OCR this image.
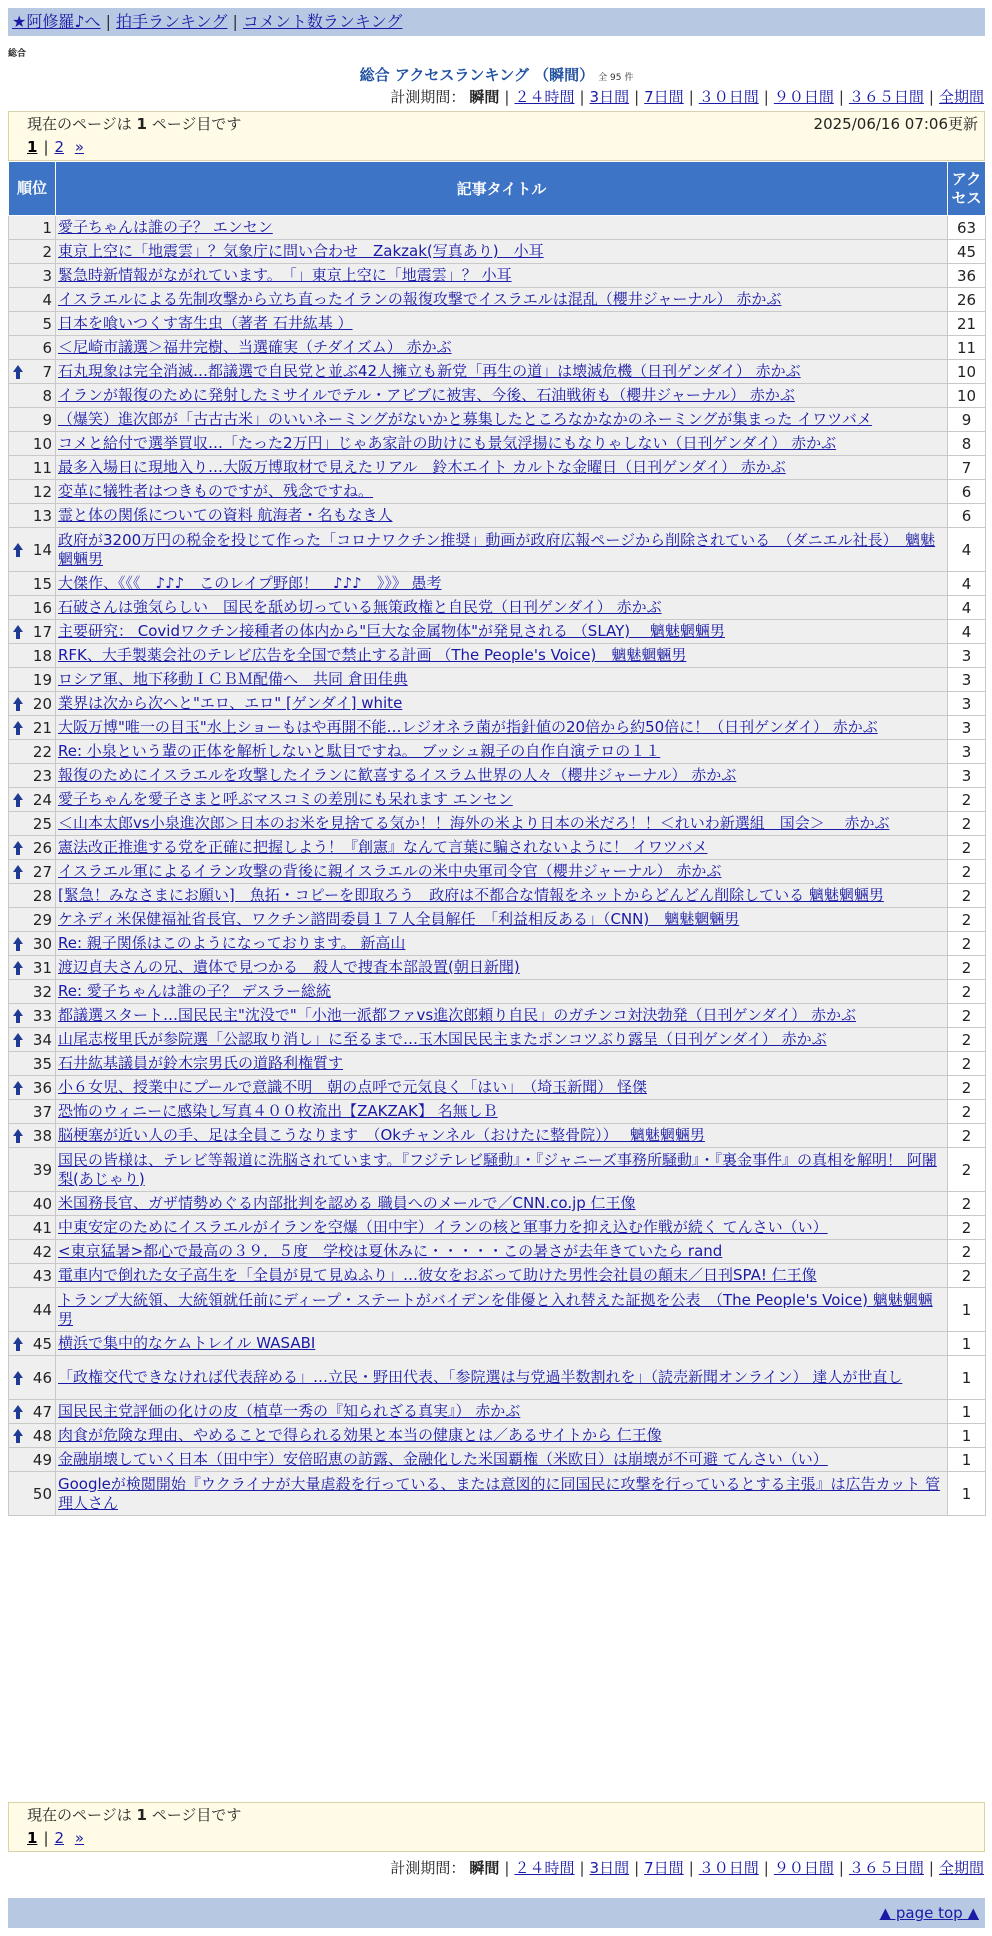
★阿修羅♪へ | 拍手ランキング | コメント数ランキング
総合
総合 アクセスランキング （瞬間） 全 95 件
計測期間： 瞬間 | ２４時間 | 3日間 | 7日間 | ３０日間 | ９０日間 | ３６５日間 | 全期間
現在のページは 1 ページ目です	2025/06/16 07:06更新
1 | 2 »
順位	記事タイトル	アクセス
1	愛子ちゃんは誰の子？ エンセン	63
2	東京上空に「地震雲」？気象庁に問い合わせ　Zakzak(写真あり)　小耳	45
3	緊急時新情報がながれています。　「」東京上空に「地震雲」？ 小耳	36
4	イスラエルによる先制攻撃から立ち直ったイランの報復攻撃でイスラエルは混乱（櫻井ジャーナル） 赤かぶ	26
5	日本を喰いつくす寄生虫（著者 石井紘基 ）	21
6	＜尼崎市議選＞福井完樹、当選確実（チダイズム） 赤かぶ	11

7	石丸現象は完全消滅…都議選で自民党と並ぶ42人擁立も新党「再生の道」は壊滅危機（日刊ゲンダイ） 赤かぶ	10
8	イランが報復のために発射したミサイルでテル・アビブに被害、今後、石油戦術も（櫻井ジャーナル） 赤かぶ	10
9	（爆笑）進次郎が「古古古米」のいいネーミングがないかと募集したところなかなかのネーミングが集まった イワツバメ	9
10	コメと給付で選挙買収…「たった2万円」じゃあ家計の助けにも景気浮揚にもなりゃしない（日刊ゲンダイ） 赤かぶ	8
11	最多入場日に現地入り…大阪万博取材で見えたリアル　鈴木エイト カルトな金曜日（日刊ゲンダイ） 赤かぶ	7
12	変革に犠牲者はつきものですが、残念ですね。	6
13	霊と体の関係についての資料 航海者・名もなき人	6

14	政府が3200万円の税金を投じて作った「コロナワクチン推奨」動画が政府広報ページから削除されている　（ダニエル社長）　魑魅魍魎男	4
15	大傑作、《《《　♪♪♪　このレイプ野郎！　♪♪♪　》》》 愚考	4
16	石破さんは強気らしい　国民を舐め切っている無策政権と自民党（日刊ゲンダイ） 赤かぶ	4

17	主要研究： Covidワクチン接種者の体内から"巨大な金属物体"が発見される （SLAY)　 魑魅魍魎男	4
18	RFK、大手製薬会社のテレビ広告を全国で禁止する計画 （The People's Voice)　魑魅魍魎男	3
19	ロシア軍、地下移動ＩＣＢＭ配備へ　共同 倉田佳典	3

20	業界は次から次へと"エロ、エロ" [ゲンダイ] white	3

21	大阪万博"唯一の目玉"水上ショーもはや再開不能…レジオネラ菌が指針値の20倍から約50倍に！（日刊ゲンダイ） 赤かぶ	3
22	Re: 小泉という輩の正体を解析しないと駄目ですね。 ブッシュ親子の自作自演テロの１１	3
23	報復のためにイスラエルを攻撃したイランに歓喜するイスラム世界の人々（櫻井ジャーナル） 赤かぶ	3

24	愛子ちゃんを愛子さまと呼ぶマスコミの差別にも呆れます エンセン	2
25	＜山本太郎vs小泉進次郎＞日本のお米を見捨てる気か！！海外の米より日本の米だろ！！＜れいわ新選組　国会＞　 赤かぶ	2

26	憲法改正推進する党を正確に把握しよう！『創憲』なんて言葉に騙されないように！ イワツバメ	2

27	イスラエル軍によるイラン攻撃の背後に親イスラエルの米中央軍司令官（櫻井ジャーナル） 赤かぶ	2
28	[緊急！みなさまにお願い]　魚拓・コピーを即取ろう　政府は不都合な情報をネットからどんどん削除している 魑魅魍魎男	2
29	ケネディ米保健福祉省長官、ワクチン諮問委員１７人全員解任　「利益相反ある」（CNN)　魑魅魍魎男	2

30	Re: 親子関係はこのようになっております。 新高山	2

31	渡辺貞夫さんの兄、遺体で見つかる　殺人で捜査本部設置(朝日新聞)	2
32	Re: 愛子ちゃんは誰の子？ デスラー総統	2

33	都議選スタート…国民民主"沈没で"「小池一派都ファvs進次郎頼り自民」のガチンコ対決勃発（日刊ゲンダイ） 赤かぶ	2

34	山尾志桜里氏が参院選「公認取り消し」に至るまで…玉木国民民主またポンコツぶり露呈（日刊ゲンダイ） 赤かぶ	2
35	石井紘基議員が鈴木宗男氏の道路利権質す	2

36	小６女児、授業中にプールで意識不明　朝の点呼で元気良く「はい」　（埼玉新聞） 怪傑	2
37	恐怖のウィニーに感染し写真４００枚流出【ZAKZAK】 名無しＢ	2

38	脳梗塞が近い人の手、足は全員こうなります　（Okチャンネル（おけたに整骨院））　 魑魅魍魎男	2
39	国民の皆様は、テレビ等報道に洗脳されています。『フジテレビ騒動』・『ジャニーズ事務所騒動』・『裏金事件』の真相を解明！ 阿闍梨(あじゃり)	2
40	米国務長官、ガザ情勢めぐる内部批判を認める 職員へのメールで／CNN.co.jp 仁王像	2
41	中東安定のためにイスラエルがイランを空爆（田中宇）イランの核と軍事力を抑え込む作戦が続く てんさい（い）	2
42	<東京猛暑>都心で最高の３９．５度　学校は夏休みに・・・・・この暑さが去年きていたら rand	2
43	電車内で倒れた女子高生を「全員が見て見ぬふり」…彼女をおぶって助けた男性会社員の顛末／日刊SPA! 仁王像	2
44	トランプ大統領、大統領就任前にディープ・ステートがバイデンを俳優と入れ替えた証拠を公表　（The People's Voice) 魑魅魍魎男	1

45	横浜で集中的なケムトレイル WASABI	1

46	「政権交代できなければ代表辞める」…立民・野田代表、「参院選は与党過半数割れを」（読売新聞オンライン） 達人が世直し	1

47	国民民主党評価の化けの皮（植草一秀の『知られざる真実』） 赤かぶ	1

48	肉食が危険な理由、やめることで得られる効果と本当の健康とは／あるサイトから 仁王像	1
49	金融崩壊していく日本（田中宇）安倍昭恵の訪露、金融化した米国覇権（米欧日）は崩壊が不可避 てんさい（い）	1
50	Googleが検閲開始『ウクライナが大量虐殺を行っている、または意図的に同国民に攻撃を行っているとする主張』は広告カット 管理人さん	1
現在のページは 1 ページ目です
1 | 2 »
計測期間： 瞬間 | ２４時間 | 3日間 | 7日間 | ３０日間 | ９０日間 | ３６５日間 | 全期間
▲ page top ▲
